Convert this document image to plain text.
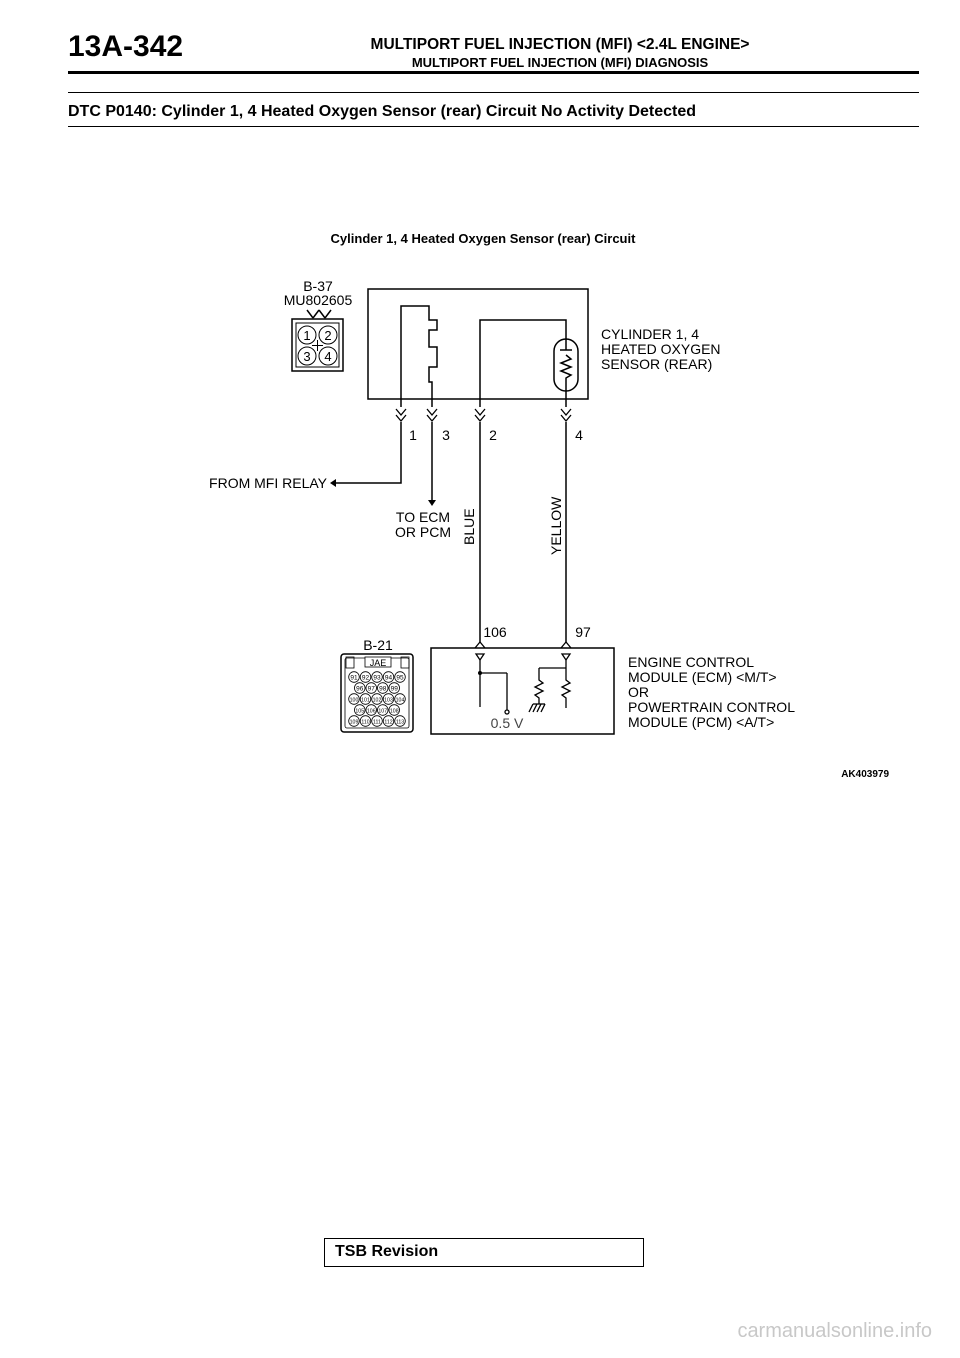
13A-342	MULTIPORT FUEL INJECTION (MFI) <2.4L ENGINE>
MULTIPORT FUEL INJECTION (MFI) DIAGNOSIS
DTC P0140: Cylinder 1, 4 Heated Oxygen Sensor (rear) Circuit No Activity Detected
Cylinder 1, 4 Heated Oxygen Sensor (rear) Circuit
B-37
MU802605
1 2
3 4
1 3	2	4
CYLINDER 1, 4
HEATED OXYGEN
SENSOR (REAR)
FROM MFI RELAY
TO ECM
OR PCM BLUE	YELLOW
106	97
0.5 V
ENGINE CONTROL
MODULE (ECM) <M/T>
OR
POWERTRAIN CONTROL
MODULE (PCM) <A/T>
B-21
JAE
91 92 93 94 95
96 97 98 99
100 101 102 103 104
105 106 107 108
109 110 111 112 113
AK403979
TSB Revision
carmanualsonline.info
